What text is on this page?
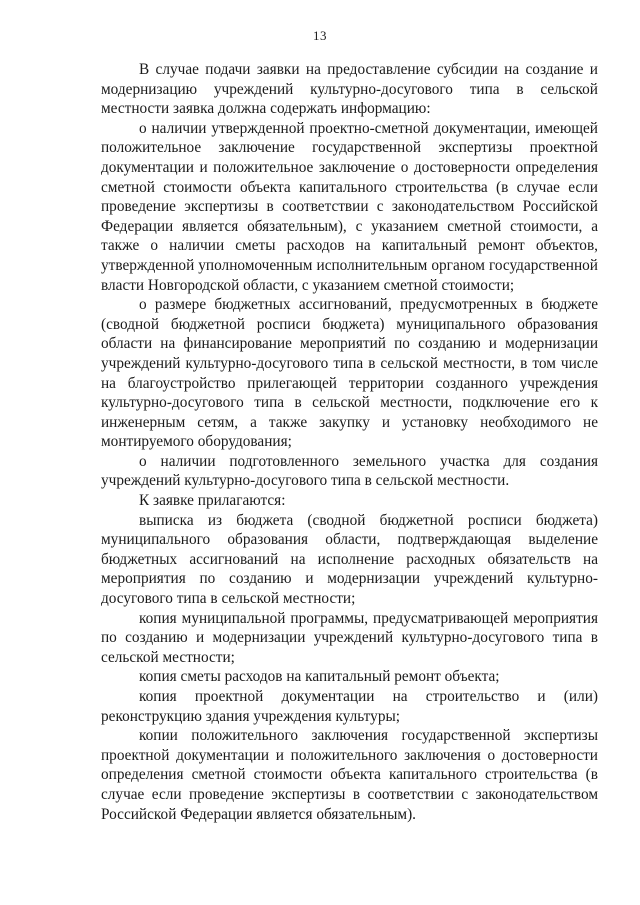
13

В случае подачи заявки на предоставление субсидии на создание и модернизацию учреждений культурно-досугового типа в сельской местности заявка должна содержать информацию:

о наличии утвержденной проектно-сметной документации, имеющей положительное заключение государственной экспертизы проектной документации и положительное заключение о достоверности определения сметной стоимости объекта капитального строительства (в случае если проведение экспертизы в соответствии с законодательством Российской Федерации является обязательным), с указанием сметной стоимости, а также о наличии сметы расходов на капитальный ремонт объектов, утвержденной уполномоченным исполнительным органом государственной власти Новгородской области, с указанием сметной стоимости;

о размере бюджетных ассигнований, предусмотренных в бюджете (сводной бюджетной росписи бюджета) муниципального образования области на финансирование мероприятий по созданию и модернизации учреждений культурно-досугового типа в сельской местности, в том числе на благоустройство прилегающей территории созданного учреждения культурно-досугового типа в сельской местности, подключение его к инженерным сетям, а также закупку и установку необходимого не монтируемого оборудования;

о наличии подготовленного земельного участка для создания учреждений культурно-досугового типа в сельской местности.

К заявке прилагаются:

выписка из бюджета (сводной бюджетной росписи бюджета) муниципального образования области, подтверждающая выделение бюджетных ассигнований на исполнение расходных обязательств на мероприятия по созданию и модернизации учреждений культурно-досугового типа в сельской местности;

копия муниципальной программы, предусматривающей мероприятия по созданию и модернизации учреждений культурно-досугового типа в сельской местности;

копия сметы расходов на капитальный ремонт объекта;

копия проектной документации на строительство и (или) реконструкцию здания учреждения культуры;

копии положительного заключения государственной экспертизы проектной документации и положительного заключения о достоверности определения сметной стоимости объекта капитального строительства (в случае если проведение экспертизы в соответствии с законодательством Российской Федерации является обязательным).
